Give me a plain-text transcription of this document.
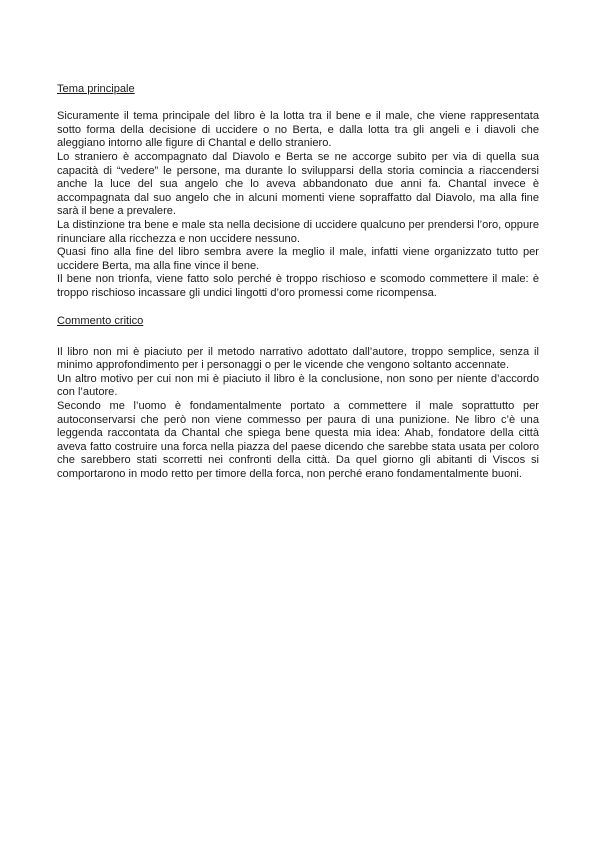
Tema principale

Sicuramente il tema principale del libro è la lotta tra il bene e il male, che viene rappresentata sotto forma della decisione di uccidere o no Berta, e dalla lotta tra gli angeli e i diavoli che aleggiano intorno alle figure di Chantal e dello straniero.

Lo straniero è accompagnato dal Diavolo e Berta se ne accorge subito per via di quella sua capacità di “vedere” le persone, ma durante lo svilupparsi della storia comincia a riaccendersi anche la luce del sua angelo che lo aveva abbandonato due anni fa. Chantal invece è accompagnata dal suo angelo che in alcuni momenti viene sopraffatto dal Diavolo, ma alla fine sarà il bene a prevalere.

La distinzione tra bene e male sta nella decisione di uccidere qualcuno per prendersi l’oro, oppure rinunciare alla ricchezza e non uccidere nessuno.

Quasi fino alla fine del libro sembra avere la meglio il male, infatti viene organizzato tutto per uccidere Berta, ma alla fine vince il bene.

Il bene non trionfa, viene fatto solo perché è troppo rischioso e scomodo commettere il male: è troppo rischioso incassare gli undici lingotti d’oro promessi come ricompensa.

Commento critico

Il libro non mi è piaciuto per il metodo narrativo adottato dall’autore, troppo semplice, senza il minimo approfondimento per i personaggi o per le vicende che vengono soltanto accennate.

Un altro motivo per cui non mi è piaciuto il libro è la conclusione, non sono per niente d’accordo con l’autore.

Secondo me l’uomo è fondamentalmente portato a commettere il male soprattutto per autoconservarsi che però non viene commesso per paura di una punizione. Ne libro c’è una leggenda raccontata da Chantal che spiega bene questa mia idea: Ahab, fondatore della città aveva fatto costruire una forca nella piazza del paese dicendo che sarebbe stata usata per coloro che sarebbero stati scorretti nei confronti della città. Da quel giorno gli abitanti di Viscos si comportarono in modo retto per timore della forca, non perché erano fondamentalmente buoni.
